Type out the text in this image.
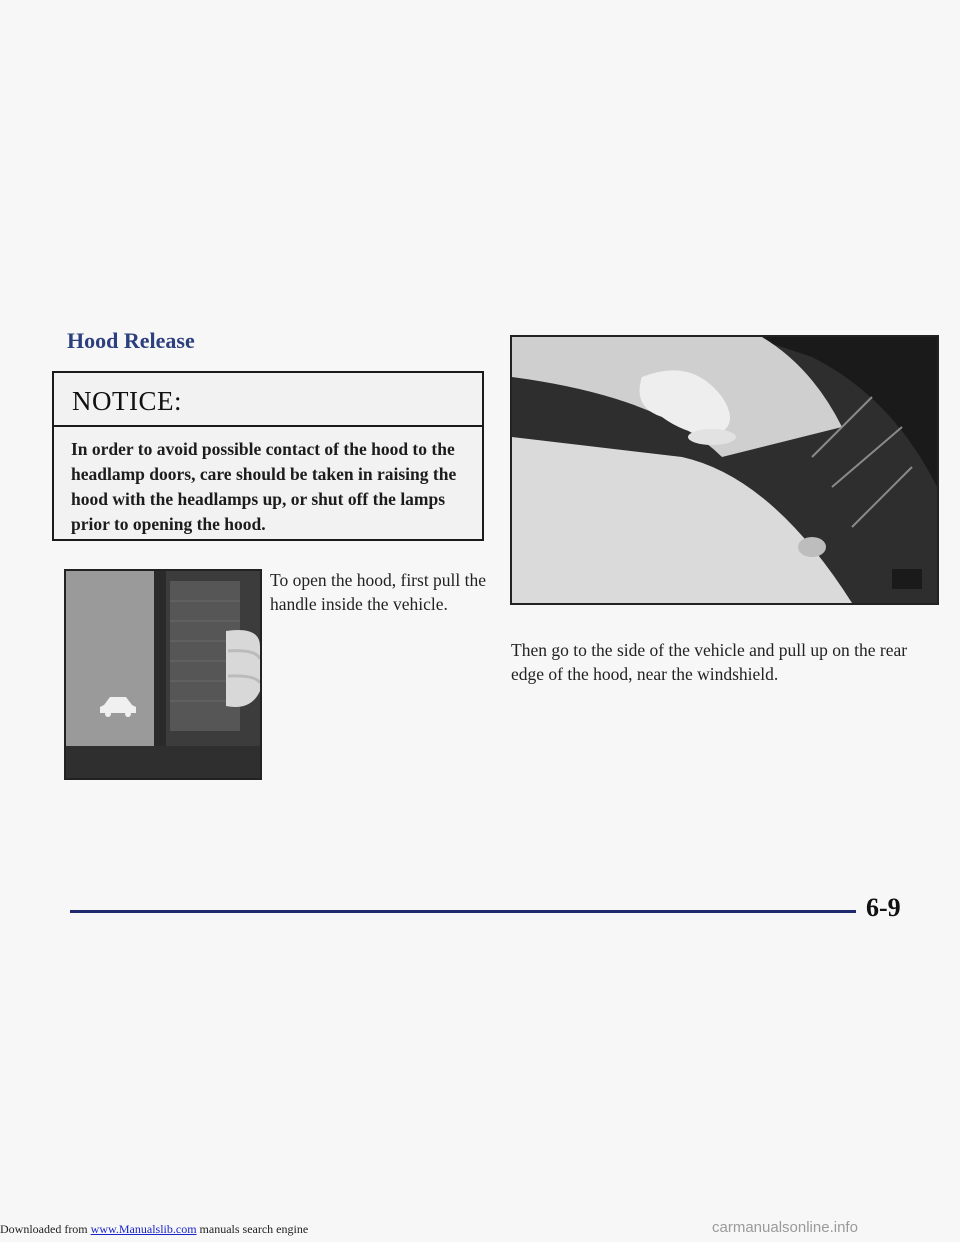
Hood Release
NOTICE:
In order to avoid possible contact of the hood to the headlamp doors, care should be taken in raising the hood with the headlamps up, or shut off the lamps prior to opening the hood.
To open the hood, first pull the handle inside the vehicle.
Then go to the side of the vehicle and pull up on the rear edge of the hood, near the windshield.
6-9
Downloaded from www.Manualslib.com manuals search engine	carmanualsonline.info
